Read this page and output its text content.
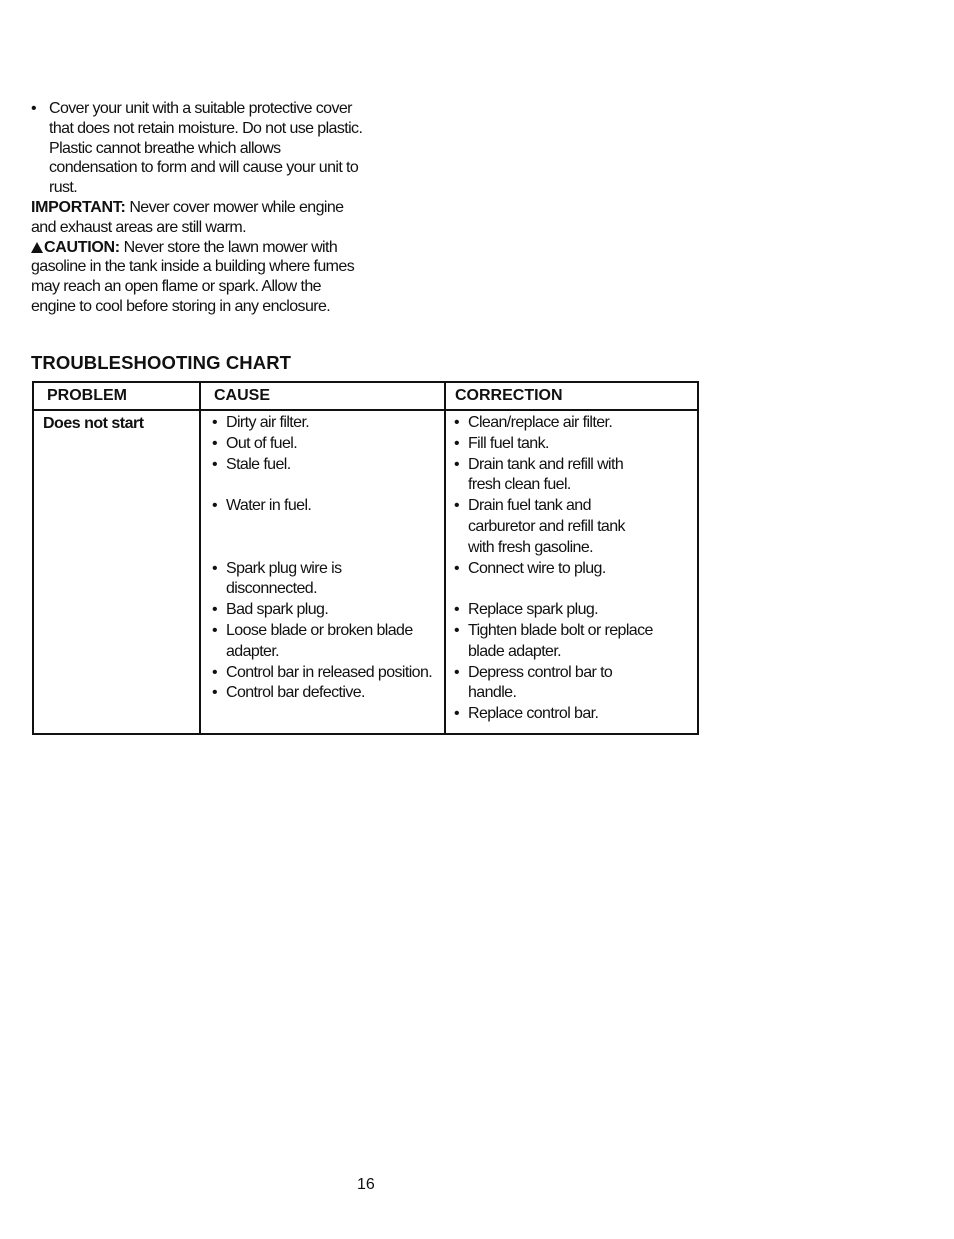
• Cover your unit with a suitable protective cover that does not retain moisture. Do not use plastic. Plastic cannot breathe which allows condensation to form and will cause your unit to rust.
IMPORTANT: Never cover mower while engine and exhaust areas are still warm.
CAUTION: Never store the lawn mower with gasoline in the tank inside a building where fumes may reach an open flame or spark. Allow the engine to cool before storing in any enclosure.
TROUBLESHOOTING CHART
PROBLEM	CAUSE	CORRECTION
Does not start
•	Dirty air filter.
• Out of fuel.
• Stale fuel.
• Water in fuel.
• Spark plug wire is disconnected.
• Bad spark plug.
• Loose blade or broken blade adapter.
• Control bar in released position.
• Control bar defective.
• Clean/replace air filter.
• Fill fuel tank.
• Drain tank and refill with fresh clean fuel.
• Drain fuel tank and carburetor and refill tank with fresh gasoline.
• Connect wire to plug.
• Replace spark plug.
• Tighten blade bolt or replace blade adapter.
• Depress control bar to handle.
• Replace control bar.
16
